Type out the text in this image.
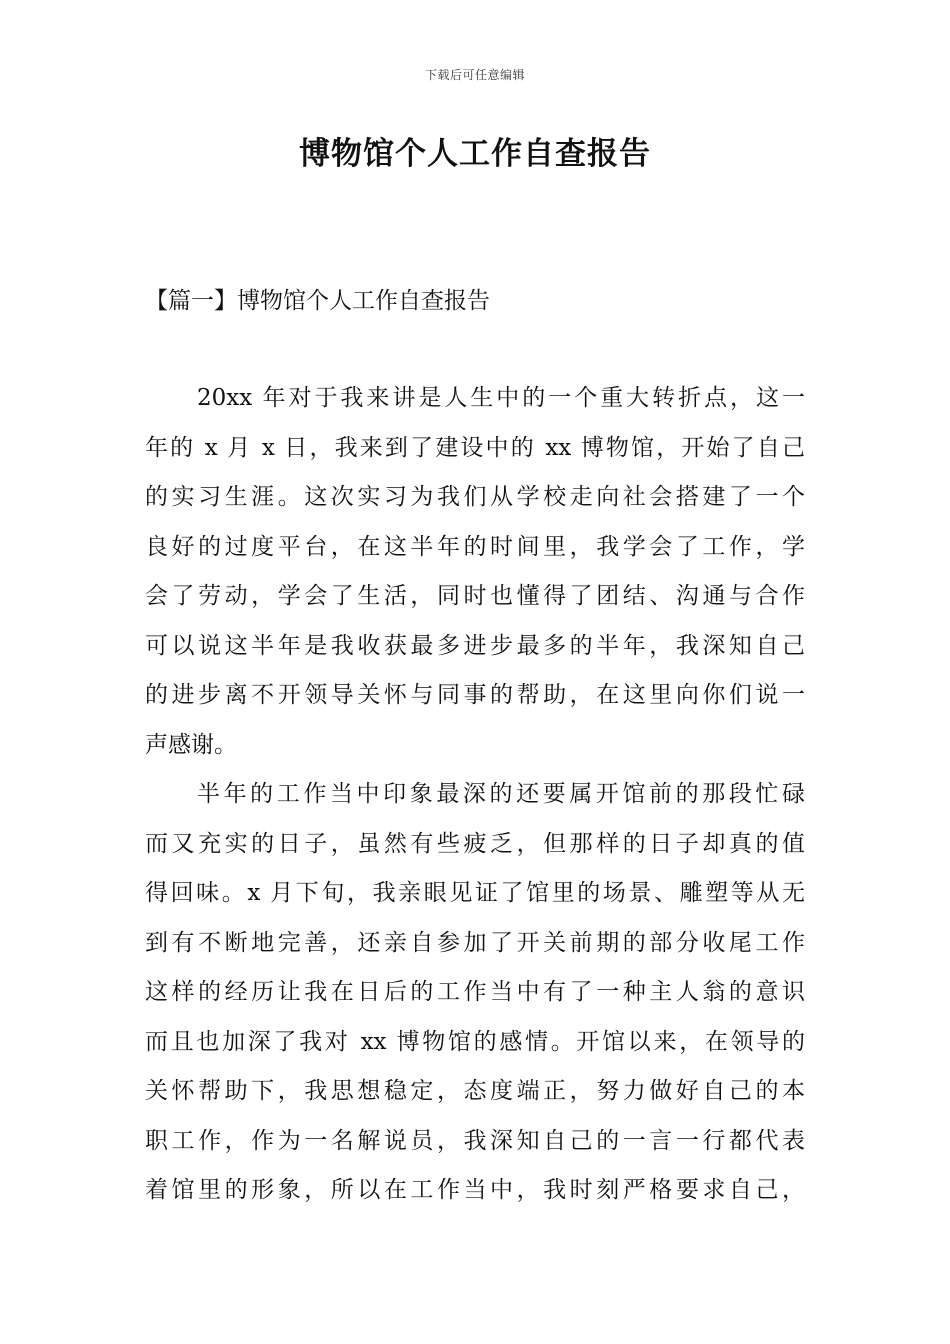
下载后可任意编辑
博物馆个人工作自查报告
【篇一】博物馆个人工作自查报告
20xx 年对于我来讲是人生中的一个重大转折点，这一
年的 x 月 x 日，我来到了建设中的 xx 博物馆，开始了自己
的实习生涯。这次实习为我们从学校走向社会搭建了一个
良好的过度平台，在这半年的时间里，我学会了工作，学
会了劳动，学会了生活，同时也懂得了团结、沟通与合作
可以说这半年是我收获最多进步最多的半年，我深知自己
的进步离不开领导关怀与同事的帮助，在这里向你们说一
声感谢。
半年的工作当中印象最深的还要属开馆前的那段忙碌
而又充实的日子，虽然有些疲乏，但那样的日子却真的值
得回味。x 月下旬，我亲眼见证了馆里的场景、雕塑等从无
到有不断地完善，还亲自参加了开关前期的部分收尾工作
这样的经历让我在日后的工作当中有了一种主人翁的意识
而且也加深了我对 xx 博物馆的感情。开馆以来，在领导的
关怀帮助下，我思想稳定，态度端正，努力做好自己的本
职工作，作为一名解说员，我深知自己的一言一行都代表
着馆里的形象，所以在工作当中，我时刻严格要求自己，
